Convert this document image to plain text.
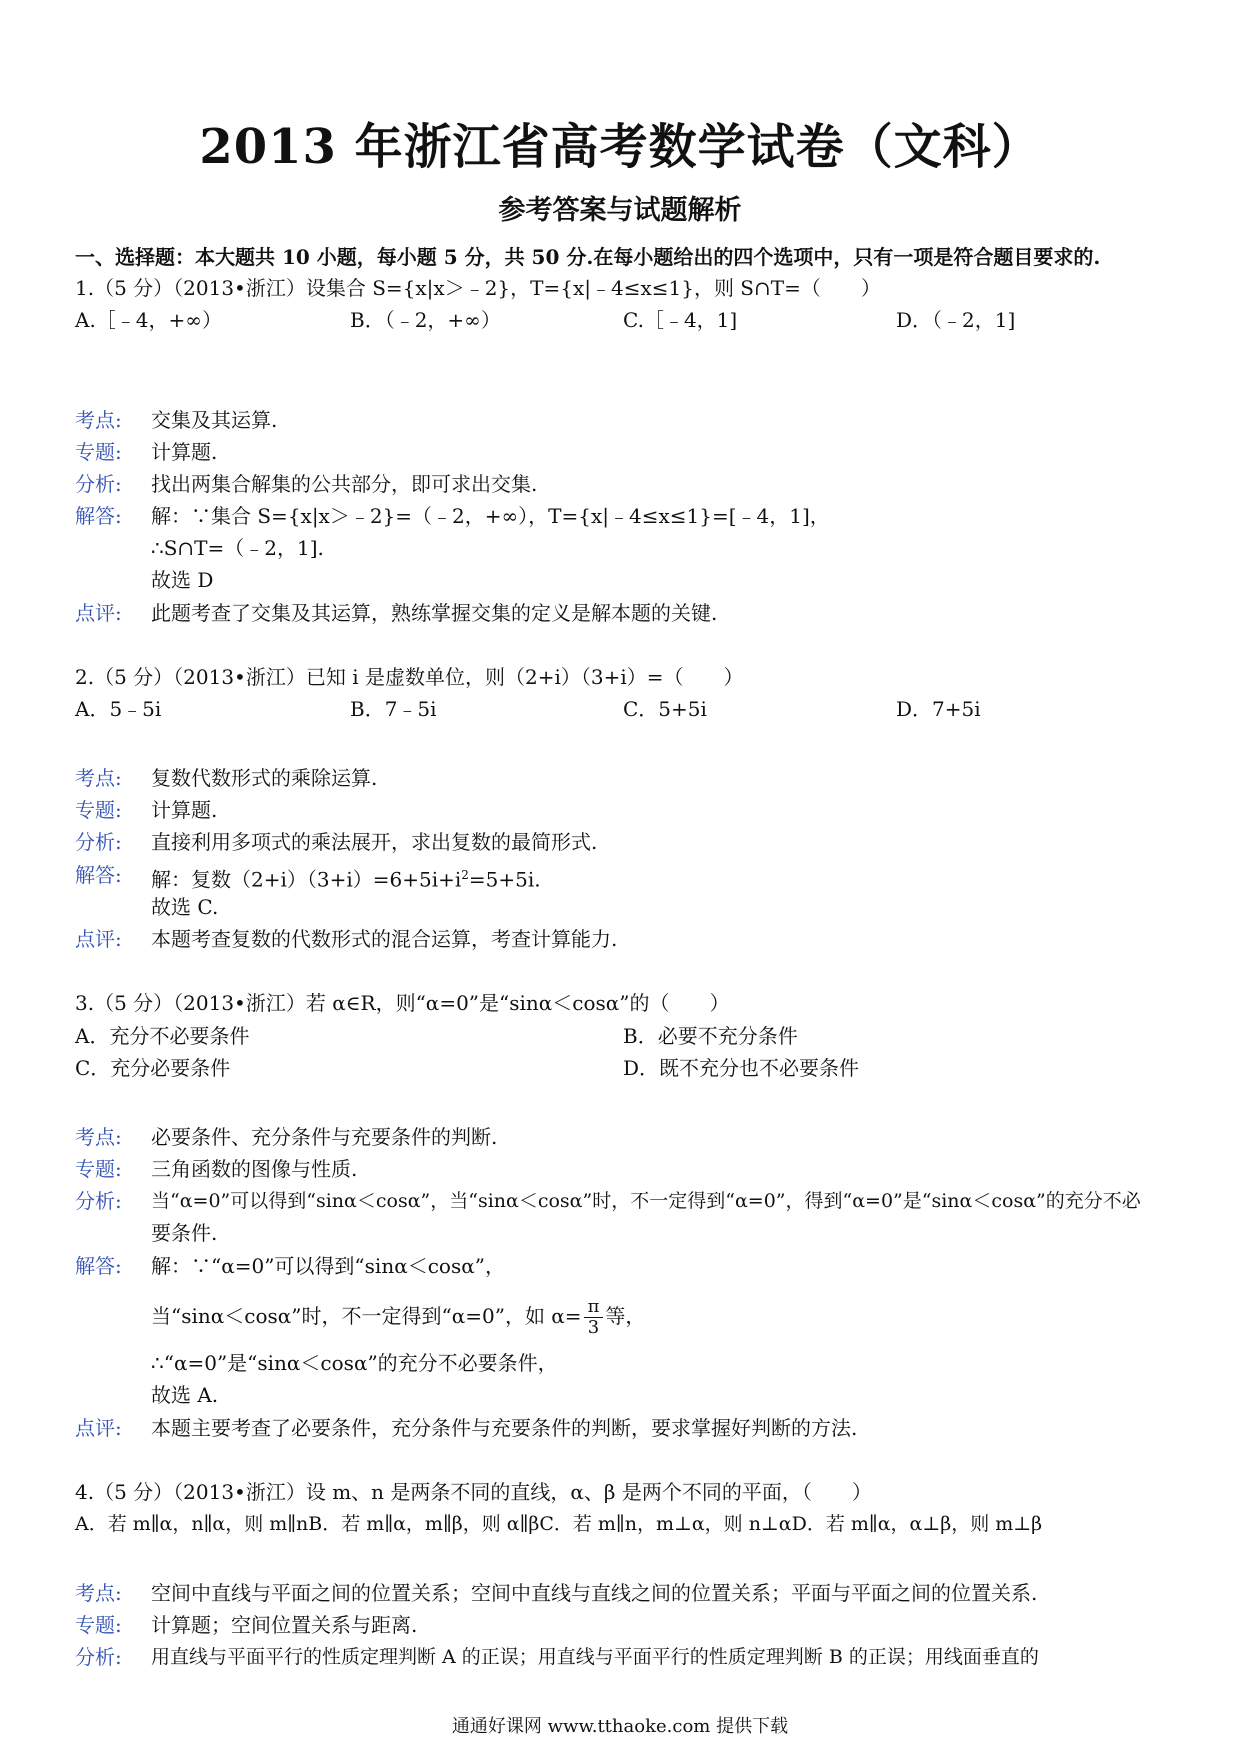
2013 年浙江省高考数学试卷（文科）
参考答案与试题解析
一、选择题：本大题共 10 小题，每小题 5 分，共 50 分.在每小题给出的四个选项中，只有一项是符合题目要求的.
1.（5 分）（2013•浙江）设集合 S={x|x＞﹣2}，T={x|﹣4≤x≤1}，则 S∩T=（　　）
A.［﹣4，+∞）	B．（﹣2，+∞）	C.［﹣4，1]	D．（﹣2，1]
考点: 交集及其运算.
专题: 计算题.
分析: 找出两集合解集的公共部分，即可求出交集.
解答: 解：∵集合 S={x|x＞﹣2}=（﹣2，+∞），T={x|﹣4≤x≤1}=[﹣4，1]，
∴S∩T=（﹣2，1].
故选 D
点评: 此题考查了交集及其运算，熟练掌握交集的定义是解本题的关键.
2.（5 分）（2013•浙江）已知 i 是虚数单位，则（2+i）（3+i）=（　　）
A．5﹣5i	B．7﹣5i	C．5+5i	D．7+5i
考点: 复数代数形式的乘除运算.
专题: 计算题.
分析: 直接利用多项式的乘法展开，求出复数的最简形式.
解答: 解：复数$(2+i)(3+i)=6+5i+i^2=5+5i$.
故选 C.
点评: 本题考查复数的代数形式的混合运算，考查计算能力.
3.（5 分）（2013•浙江）若 α∈R，则“α=0”是“sinα＜cosα”的（　　）
A．充分不必要条件	B．必要不充分条件
C．充分必要条件	D．既不充分也不必要条件
考点: 必要条件、充分条件与充要条件的判断.
专题: 三角函数的图像与性质.
分析: 当“α=0”可以得到“sinα＜cosα”，当“sinα＜cosα”时，不一定得到“α=0”，得到“α=0”是“sinα＜cosα”的充分不必
要条件.
解答: 解：∵“α=0”可以得到“sinα＜cosα”，
当“sinα＜cosα”时，不一定得到“α=0”，如 $\alpha= \frac{\pi}{3}$ 等，
∴“α=0”是“sinα＜cosα”的充分不必要条件，
故选 A.
点评: 本题主要考查了必要条件，充分条件与充要条件的判断，要求掌握好判断的方法.
4.（5 分）（2013•浙江）设 m、n 是两条不同的直线，α、β 是两个不同的平面，（　　）
A．若 m∥α，n∥α，则 m∥nB．若 m∥α，m∥β，则 α∥βC．若 m∥n，m⊥α，则 n⊥αD．若 m∥α，α⊥β，则 m⊥β
考点: 空间中直线与平面之间的位置关系；空间中直线与直线之间的位置关系；平面与平面之间的位置关系.
专题: 计算题；空间位置关系与距离.
分析: 用直线与平面平行的性质定理判断 A 的正误；用直线与平面平行的性质定理判断 B 的正误；用线面垂直的
通通好课网 www.tthaoke.com 提供下载
